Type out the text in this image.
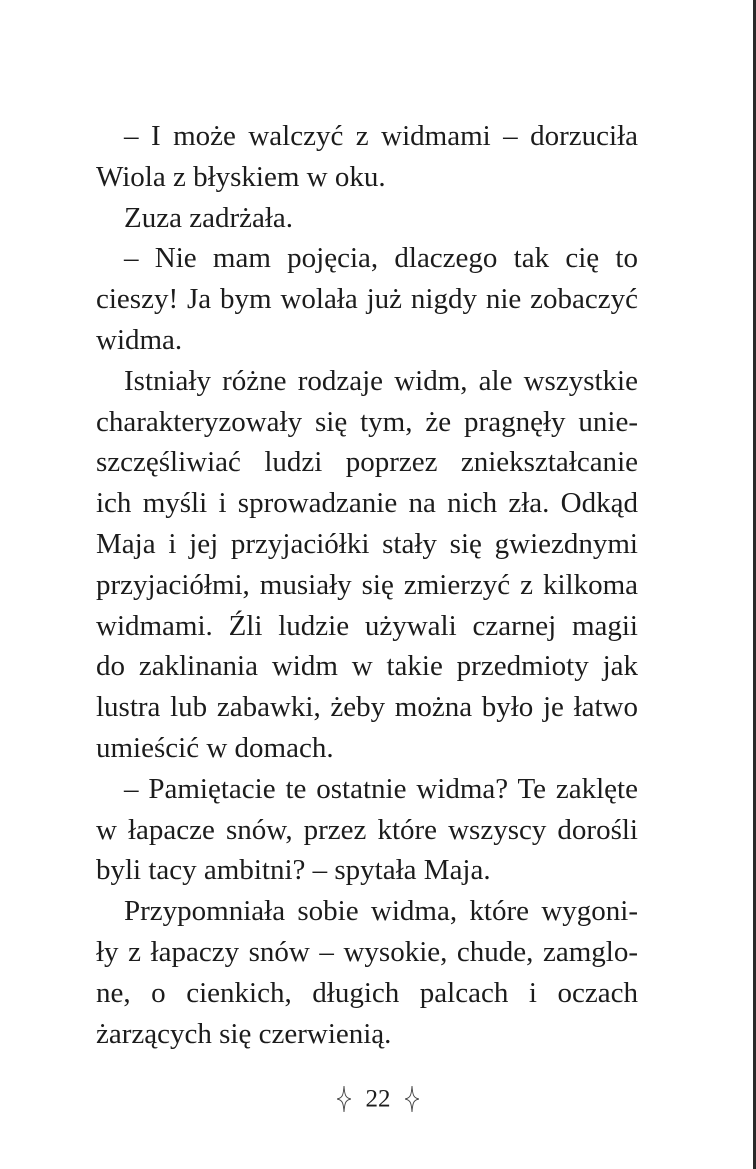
– I może walczyć z widmami – dorzuciła
Wiola z błyskiem w oku.
Zuza zadrżała.
– Nie mam pojęcia, dlaczego tak cię to
cieszy! Ja bym wolała już nigdy nie zobaczyć
widma.
Istniały różne rodzaje widm, ale wszystkie
charakteryzowały się tym, że pragnęły unie-
szczęśliwiać ludzi poprzez zniekształcanie
ich myśli i sprowadzanie na nich zła. Odkąd
Maja i jej przyjaciółki stały się gwiezdnymi
przyjaciółmi, musiały się zmierzyć z kilkoma
widmami. Źli ludzie używali czarnej magii
do zaklinania widm w takie przedmioty jak
lustra lub zabawki, żeby można było je łatwo
umieścić w domach.
– Pamiętacie te ostatnie widma? Te zaklęte
w łapacze snów, przez które wszyscy dorośli
byli tacy ambitni? – spytała Maja.
Przypomniała sobie widma, które wygoni-
ły z łapaczy snów – wysokie, chude, zamglo-
ne, o cienkich, długich palcach i oczach
żarzących się czerwienią.
22
